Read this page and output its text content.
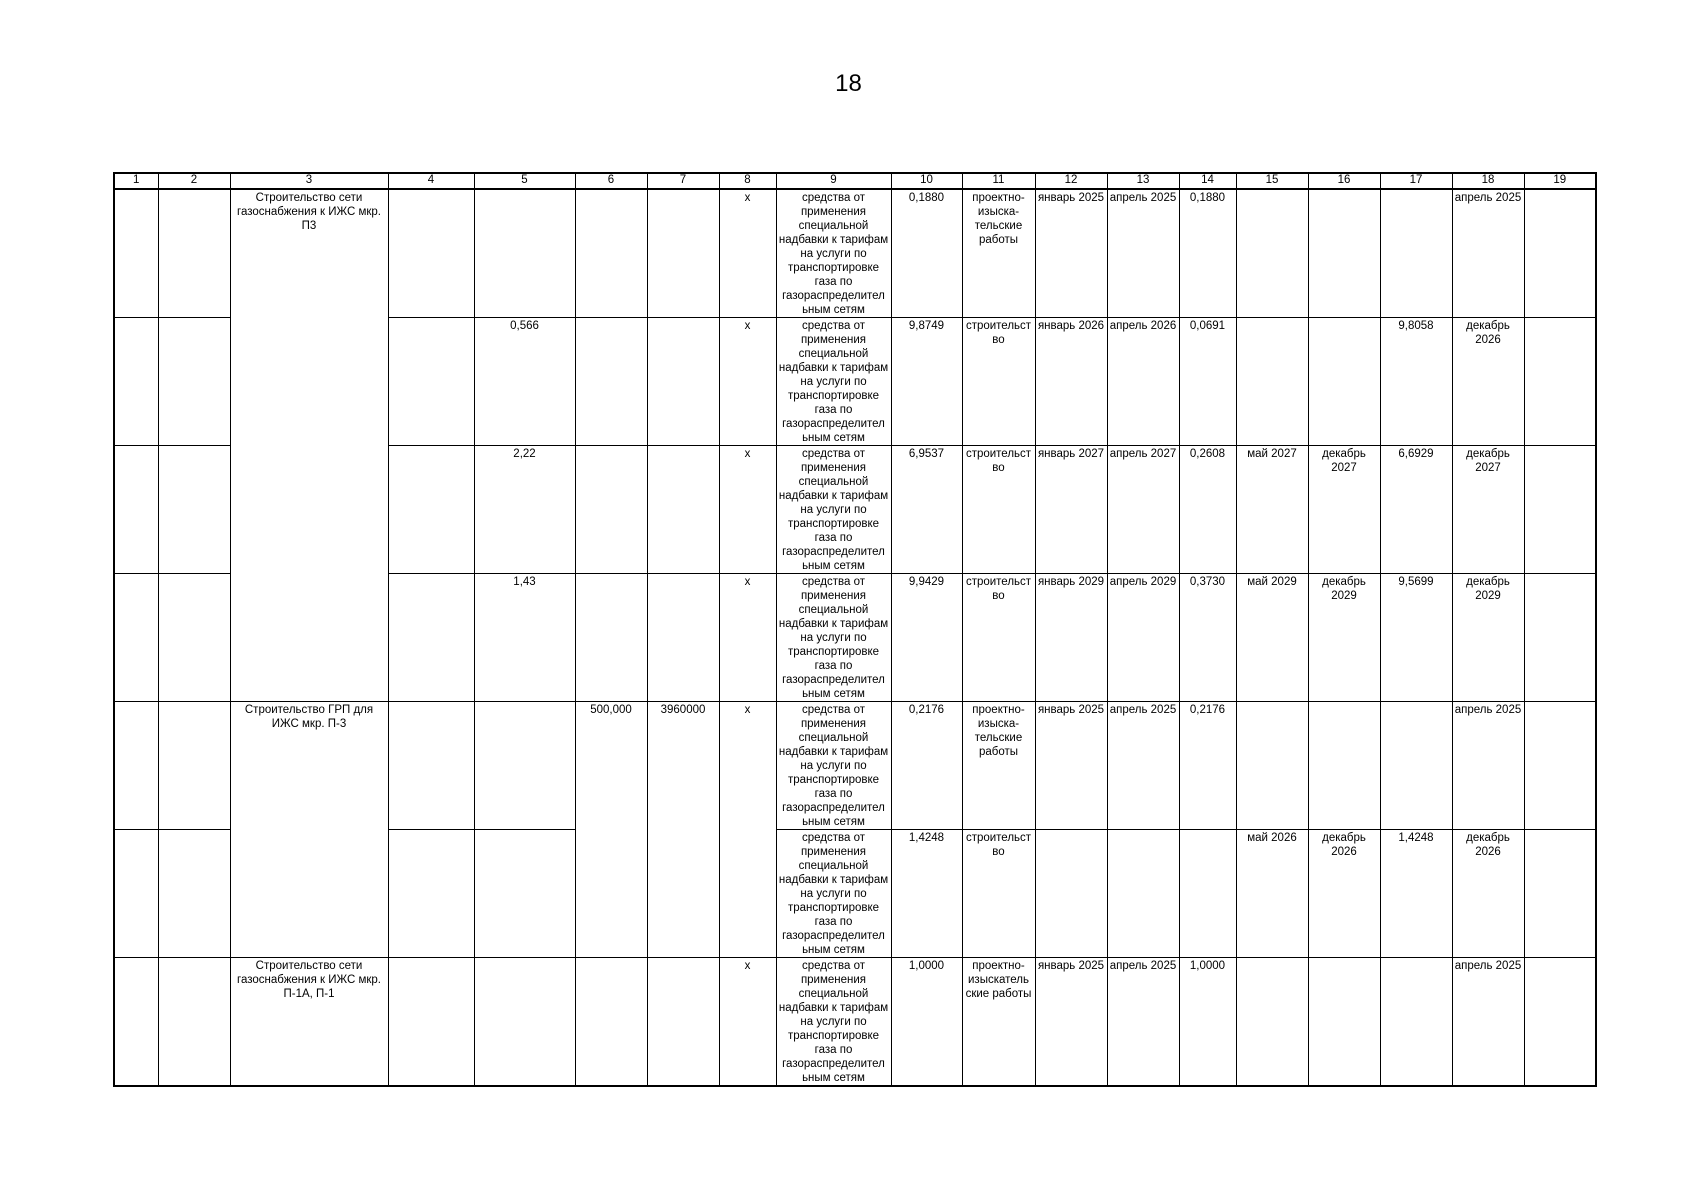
18
1	2	3	4	5	6	7	8	9	10	11	12	13	14	15	16	17	18	19
		Строительство сети газоснабжения к ИЖС мкр. П3					х	средства от применения специальной надбавки к тарифам на услуги по транспортировке газа по газораспределител ьным сетям	0,1880	проектно- изыска- тельские работы	январь 2025	апрель 2025	0,1880				апрель 2025	
				0,566			х	средства от применения специальной надбавки к тарифам на услуги по транспортировке газа по газораспределител ьным сетям	9,8749	строительст во	январь 2026	апрель 2026	0,0691			9,8058	декабрь 2026	
				2,22			х	средства от применения специальной надбавки к тарифам на услуги по транспортировке газа по газораспределител ьным сетям	6,9537	строительст во	январь 2027	апрель 2027	0,2608	май 2027	декабрь 2027	6,6929	декабрь 2027	
				1,43			х	средства от применения специальной надбавки к тарифам на услуги по транспортировке газа по газораспределител ьным сетям	9,9429	строительст во	январь 2029	апрель 2029	0,3730	май 2029	декабрь 2029	9,5699	декабрь 2029	
		Строительство ГРП для ИЖС мкр. П-3			500,000	3960000	х	средства от применения специальной надбавки к тарифам на услуги по транспортировке газа по газораспределител ьным сетям	0,2176	проектно- изыска- тельские работы	январь 2025	апрель 2025	0,2176				апрель 2025	
								средства от применения специальной надбавки к тарифам на услуги по транспортировке газа по газораспределител ьным сетям	1,4248	строительст во				май 2026	декабрь 2026	1,4248	декабрь 2026	
		Строительство сети газоснабжения к ИЖС мкр. П-1А, П-1					х	средства от применения специальной надбавки к тарифам на услуги по транспортировке газа по газораспределител ьным сетям	1,0000	проектно- изыскатель ские работы	январь 2025	апрель 2025	1,0000				апрель 2025	
